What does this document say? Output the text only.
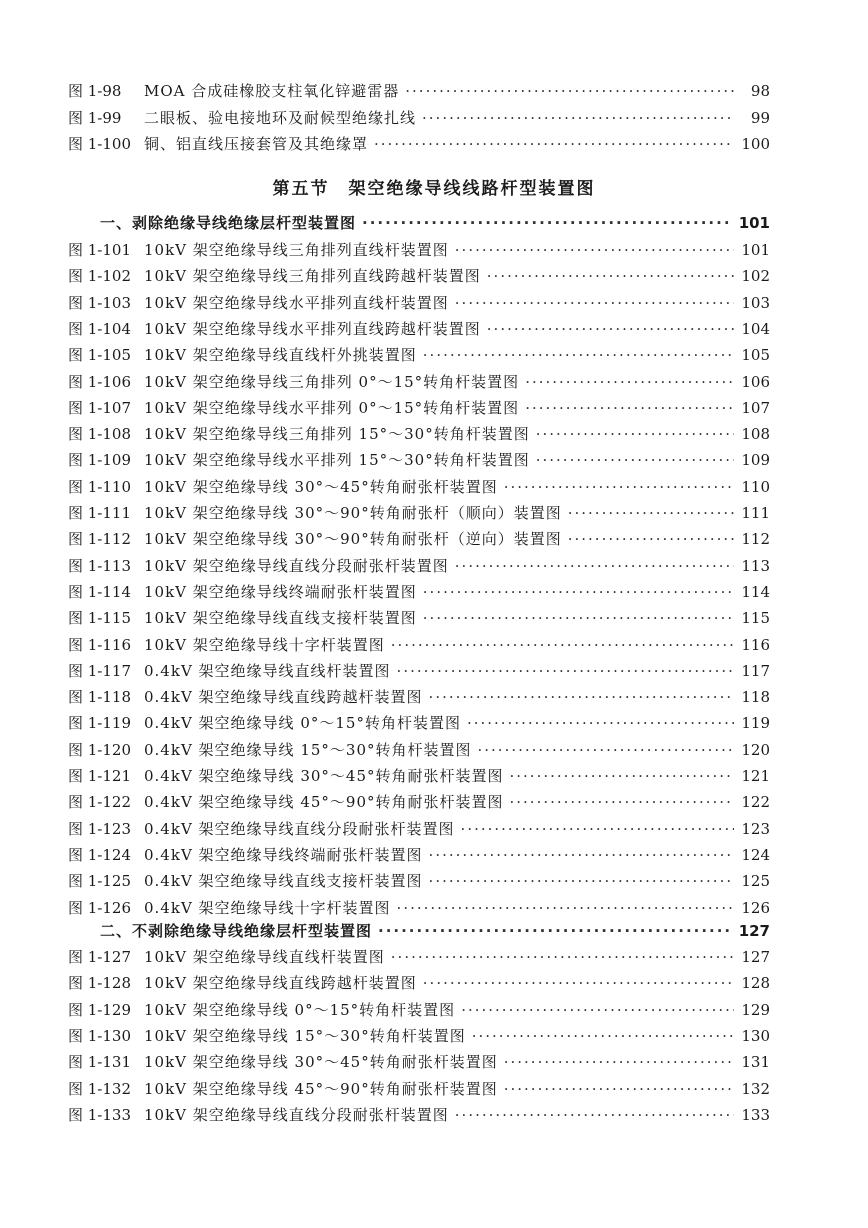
图 1-98	MOA 合成硅橡胶支柱氧化锌避雷器 ·····	98
图 1-99	二眼板、验电接地环及耐候型绝缘扎线 ·····	99
图 1-100 铜、铝直线压接套管及其绝缘罩 ·····	100
第五节　架空绝缘导线线路杆型装置图
一、剥除绝缘导线绝缘层杆型装置图 ·····	101
图 1-101 10kV 架空绝缘导线三角排列直线杆装置图 ·····	101
图 1-102 10kV 架空绝缘导线三角排列直线跨越杆装置图 ·····	102
图 1-103 10kV 架空绝缘导线水平排列直线杆装置图 ·····	103
图 1-104 10kV 架空绝缘导线水平排列直线跨越杆装置图 ·····	104
图 1-105 10kV 架空绝缘导线直线杆外挑装置图 ·····	105
图 1-106 10kV 架空绝缘导线三角排列 0°～15°转角杆装置图 ·····	106
图 1-107 10kV 架空绝缘导线水平排列 0°～15°转角杆装置图 ·····	107
图 1-108 10kV 架空绝缘导线三角排列 15°～30°转角杆装置图 ·····	108
图 1-109 10kV 架空绝缘导线水平排列 15°～30°转角杆装置图 ·····	109
图 1-110 10kV 架空绝缘导线 30°～45°转角耐张杆装置图 ·····	110
图 1-111 10kV 架空绝缘导线 30°～90°转角耐张杆（顺向）装置图 ·····	111
图 1-112 10kV 架空绝缘导线 30°～90°转角耐张杆（逆向）装置图 ·····	112
图 1-113 10kV 架空绝缘导线直线分段耐张杆装置图 ·····	113
图 1-114 10kV 架空绝缘导线终端耐张杆装置图 ·····	114
图 1-115 10kV 架空绝缘导线直线支接杆装置图 ·····	115
图 1-116 10kV 架空绝缘导线十字杆装置图 ·····	116
图 1-117 0.4kV 架空绝缘导线直线杆装置图 ·····	117
图 1-118 0.4kV 架空绝缘导线直线跨越杆装置图 ·····	118
图 1-119 0.4kV 架空绝缘导线 0°～15°转角杆装置图 ·····	119
图 1-120 0.4kV 架空绝缘导线 15°～30°转角杆装置图 ·····	120
图 1-121 0.4kV 架空绝缘导线 30°～45°转角耐张杆装置图 ·····	121
图 1-122 0.4kV 架空绝缘导线 45°～90°转角耐张杆装置图 ·····	122
图 1-123 0.4kV 架空绝缘导线直线分段耐张杆装置图 ·····	123
图 1-124 0.4kV 架空绝缘导线终端耐张杆装置图 ·····	124
图 1-125 0.4kV 架空绝缘导线直线支接杆装置图 ·····	125
图 1-126 0.4kV 架空绝缘导线十字杆装置图 ·····	126
二、不剥除绝缘导线绝缘层杆型装置图 ·····	127
图 1-127 10kV 架空绝缘导线直线杆装置图 ·····	127
图 1-128 10kV 架空绝缘导线直线跨越杆装置图 ·····	128
图 1-129 10kV 架空绝缘导线 0°～15°转角杆装置图 ·····	129
图 1-130 10kV 架空绝缘导线 15°～30°转角杆装置图 ·····	130
图 1-131 10kV 架空绝缘导线 30°～45°转角耐张杆装置图 ·····	131
图 1-132 10kV 架空绝缘导线 45°～90°转角耐张杆装置图 ·····	132
图 1-133 10kV 架空绝缘导线直线分段耐张杆装置图 ·····	133
